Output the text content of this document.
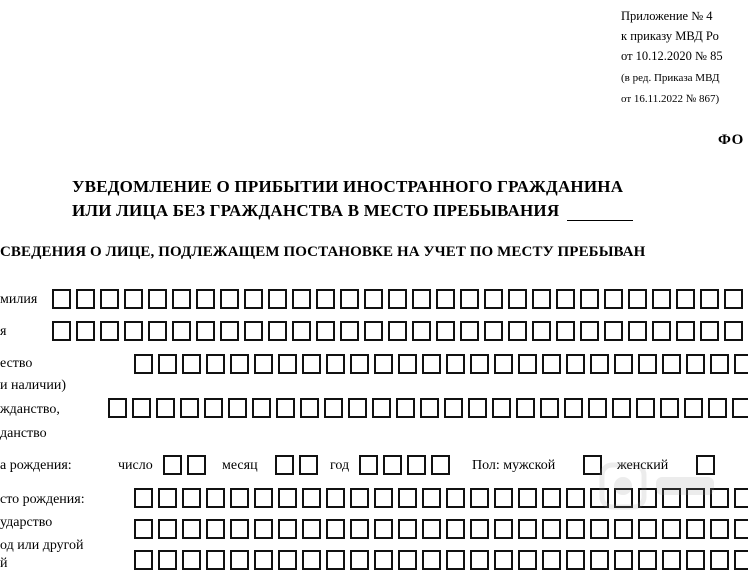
Приложение № 4
к приказу МВД Ро
от 10.12.2020 № 85
(в ред. Приказа МВД
от 16.11.2022 № 867)
ФО
УВЕДОМЛЕНИЕ О ПРИБЫТИИ ИНОСТРАННОГО ГРАЖДАНИНА
ИЛИ ЛИЦА БЕЗ ГРАЖДАНСТВА В МЕСТО ПРЕБЫВАНИЯ
СВЕДЕНИЯ О ЛИЦЕ, ПОДЛЕЖАЩЕМ ПОСТАНОВКЕ НА УЧЕТ ПО МЕСТУ ПРЕБЫВАН
милия
я
ество
и наличии)
жданство,
данство
а рождения:	число	месяц	год	Пол: мужской	женский
сто рождения:
ударство
од или другой
й
